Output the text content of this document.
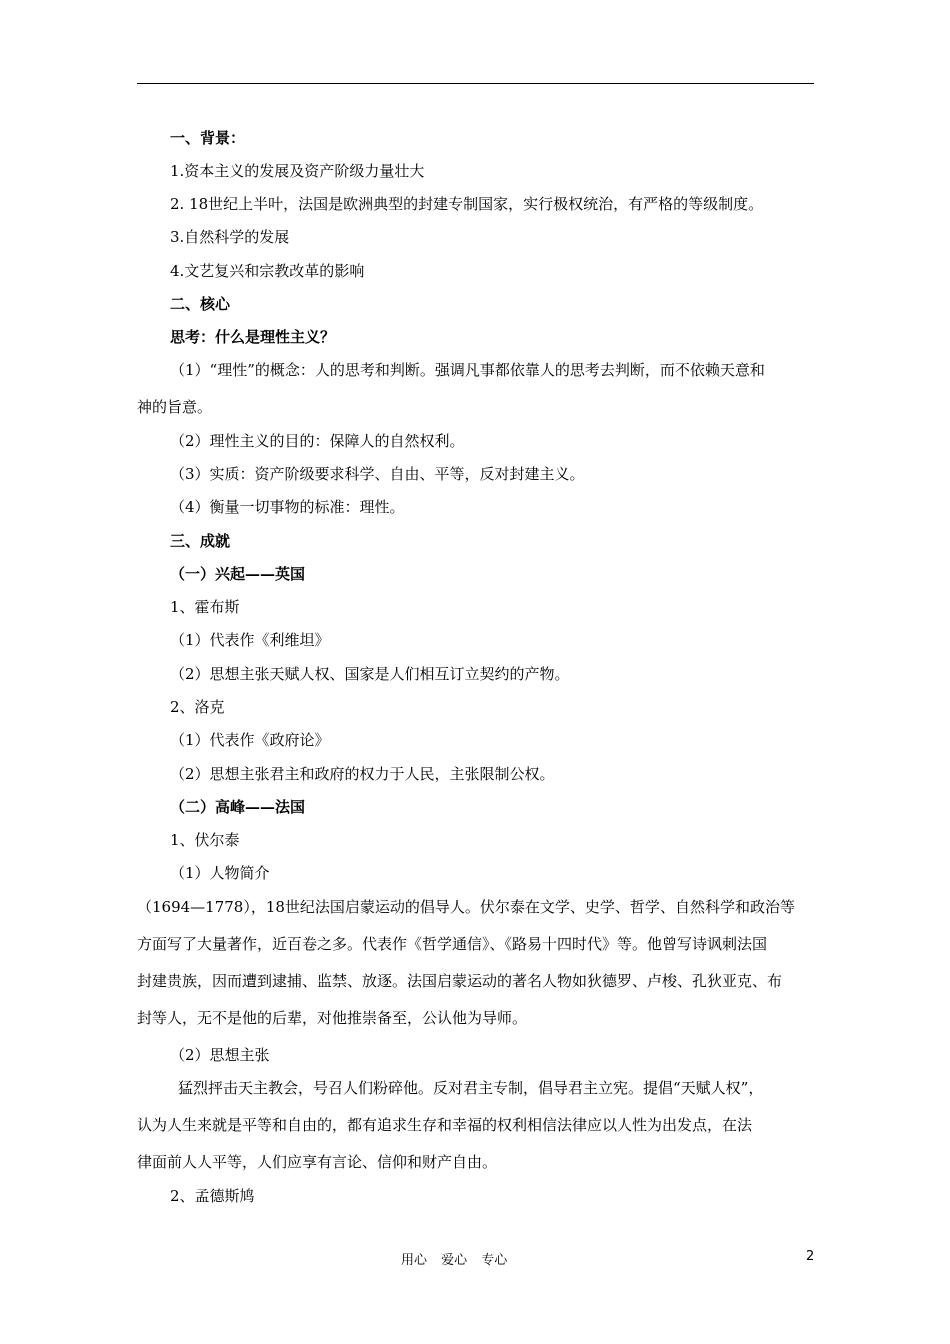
一、背景：
1.资本主义的发展及资产阶级力量壮大
2. 18世纪上半叶，法国是欧洲典型的封建专制国家，实行极权统治，有严格的等级制度。
3.自然科学的发展
4.文艺复兴和宗教改革的影响
二、核心
思考：什么是理性主义？
（1）“理性”的概念：人的思考和判断。强调凡事都依靠人的思考去判断，而不依赖天意和
神的旨意。
（2）理性主义的目的：保障人的自然权利。
（3）实质：资产阶级要求科学、自由、平等，反对封建主义。
（4）衡量一切事物的标准：理性。
三、成就
（一）兴起——英国
1、霍布斯
（1）代表作《利维坦》
（2）思想主张天赋人权、国家是人们相互订立契约的产物。
2、洛克
（1）代表作《政府论》
（2）思想主张君主和政府的权力于人民，主张限制公权。
（二）高峰——法国
1、伏尔泰
（1）人物简介
（1694—1778），18世纪法国启蒙运动的倡导人。伏尔泰在文学、史学、哲学、自然科学和政治等
方面写了大量著作，近百卷之多。代表作《哲学通信》、《路易十四时代》等。他曾写诗讽刺法国
封建贵族，因而遭到逮捕、监禁、放逐。法国启蒙运动的著名人物如狄德罗、卢梭、孔狄亚克、布
封等人，无不是他的后辈，对他推崇备至，公认他为导师。
（2）思想主张
猛烈抨击天主教会，号召人们粉碎他。反对君主专制，倡导君主立宪。提倡“天赋人权”，
认为人生来就是平等和自由的，都有追求生存和幸福的权利相信法律应以人性为出发点，在法
律面前人人平等，人们应享有言论、信仰和财产自由。
2、孟德斯鸠
用心 爱心 专心	2
